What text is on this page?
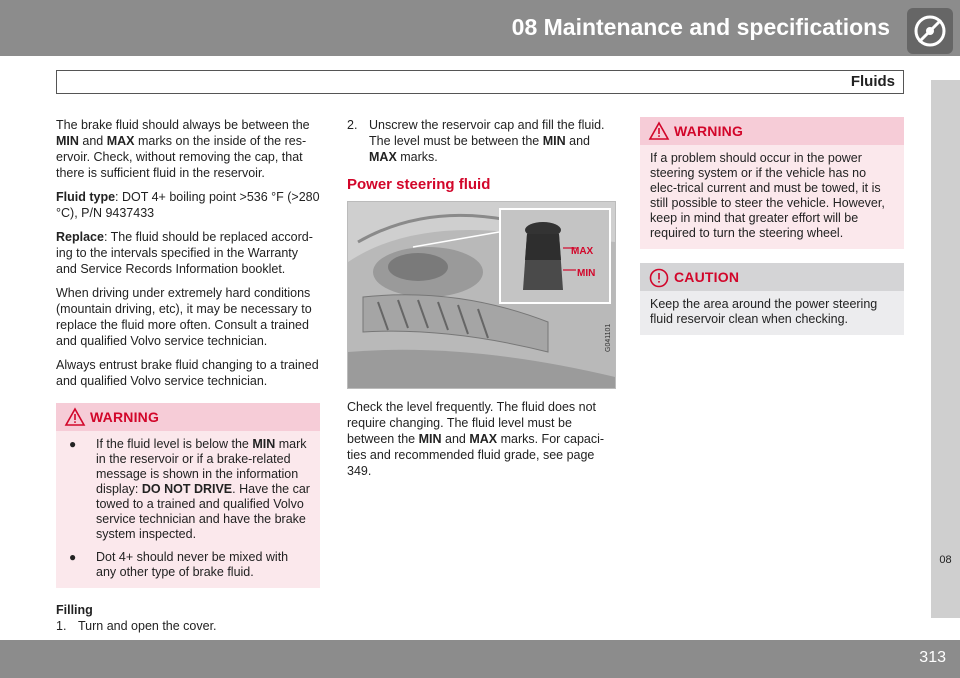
08 Maintenance and specifications
Fluids
08

The brake fluid should always be between the MIN and MAX marks on the inside of the res-ervoir. Check, without removing the cap, that there is sufficient fluid in the reservoir.

Fluid type: DOT 4+ boiling point >536 °F (>280 °C), P/N 9437433

Replace: The fluid should be replaced accord-ing to the intervals specified in the Warranty and Service Records Information booklet.

When driving under extremely hard conditions (mountain driving, etc), it may be necessary to replace the fluid more often. Consult a trained and qualified Volvo service technician.

Always entrust brake fluid changing to a trained and qualified Volvo service technician.

WARNING
● If the fluid level is below the MIN mark in the reservoir or if a brake-related message is shown in the information display: DO NOT DRIVE. Have the car towed to a trained and qualified Volvo service technician and have the brake system inspected.
● Dot 4+ should never be mixed with any other type of brake fluid.

Filling

1. Turn and open the cover.
2. Unscrew the reservoir cap and fill the fluid. The level must be between the MIN and MAX marks.
Power steering fluid
MAX
MIN
G041101

Check the level frequently. The fluid does not require changing. The fluid level must be between the MIN and MAX marks. For capaci-ties and recommended fluid grade, see page 349.

WARNING
If a problem should occur in the power steering system or if the vehicle has no elec-trical current and must be towed, it is still possible to steer the vehicle. However, keep in mind that greater effort will be required to turn the steering wheel.
CAUTION
Keep the area around the power steering fluid reservoir clean when checking.
313
